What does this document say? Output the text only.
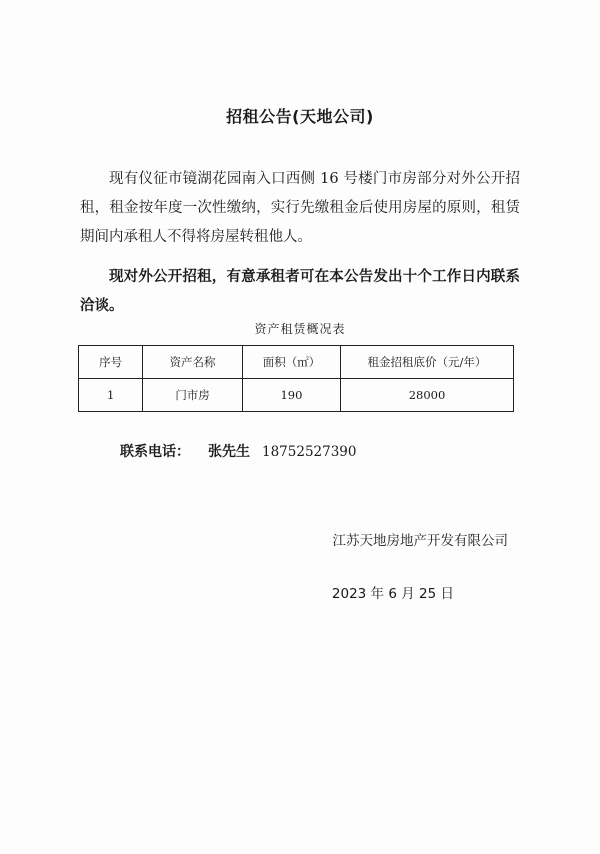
招租公告(天地公司)
现有仪征市镜湖花园南入口西侧 16 号楼门市房部分对外公开招租，租金按年度一次性缴纳，实行先缴租金后使用房屋的原则，租赁期间内承租人不得将房屋转租他人。
现对外公开招租，有意承租者可在本公告发出十个工作日内联系洽谈。
资产租赁概况表
序号	资产名称	面积（㎡）	租金招租底价（元/年）
1	门市房	190	28000
联系电话： 张先生 18752527390
江苏天地房地产开发有限公司
2023 年 6 月 25 日
